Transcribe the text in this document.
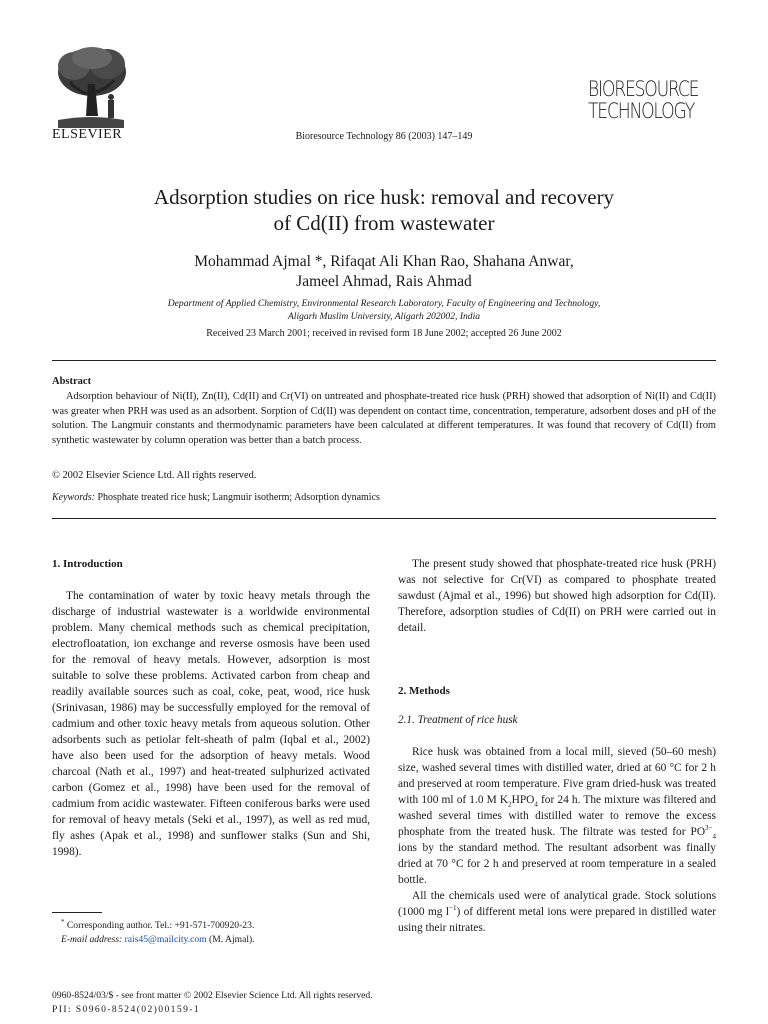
ELSEVIER	Bioresource Technology 86 (2003) 147–149
BIORESOURCE
TECHNOLOGY
Adsorption studies on rice husk: removal and recovery
of Cd(II) from wastewater
Mohammad Ajmal *, Rifaqat Ali Khan Rao, Shahana Anwar,
Jameel Ahmad, Rais Ahmad
Department of Applied Chemistry, Environmental Research Laboratory, Faculty of Engineering and Technology,
Aligarh Muslim University, Aligarh 202002, India
Received 23 March 2001; received in revised form 18 June 2002; accepted 26 June 2002
Abstract

Adsorption behaviour of Ni(II), Zn(II), Cd(II) and Cr(VI) on untreated and phosphate-treated rice husk (PRH) showed that adsorption of Ni(II) and Cd(II) was greater when PRH was used as an adsorbent. Sorption of Cd(II) was dependent on contact time, concentration, temperature, adsorbent doses and pH of the solution. The Langmuir constants and thermodynamic parameters have been calculated at different temperatures. It was found that recovery of Cd(II) from synthetic wastewater by column operation was better than a batch process.

© 2002 Elsevier Science Ltd. All rights reserved.
Keywords: Phosphate treated rice husk; Langmuir isotherm; Adsorption dynamics
1. Introduction

The contamination of water by toxic heavy metals through the discharge of industrial wastewater is a worldwide environmental problem. Many chemical methods such as chemical precipitation, electrofloatation, ion exchange and reverse osmosis have been used for the removal of heavy metals. However, adsorption is most suitable to solve these problems. Activated carbon from cheap and readily available sources such as coal, coke, peat, wood, rice husk (Srinivasan, 1986) may be successfully employed for the removal of cadmium and other toxic heavy metals from aqueous solution. Other adsorbents such as petiolar felt-sheath of palm (Iqbal et al., 2002) have also been used for the adsorption of heavy metals. Wood charcoal (Nath et al., 1997) and heat-treated sulphurized activated carbon (Gomez et al., 1998) have been used for the removal of cadmium from acidic wastewater. Fifteen coniferous barks were used for removal of heavy metals (Seki et al., 1997), as well as red mud, fly ashes (Apak et al., 1998) and sunflower stalks (Sun and Shi, 1998).

* Corresponding author. Tel.: +91-571-700920-23.
E-mail address: rais45@mailcity.com (M. Ajmal).

The present study showed that phosphate-treated rice husk (PRH) was not selective for Cr(VI) as compared to phosphate treated sawdust (Ajmal et al., 1996) but showed high adsorption for Cd(II). Therefore, adsorption studies of Cd(II) on PRH were carried out in detail.

2. Methods
2.1. Treatment of rice husk

Rice husk was obtained from a local mill, sieved (50–60 mesh) size, washed several times with distilled water, dried at 60 °C for 2 h and preserved at room temperature. Five gram dried-husk was treated with 100 ml of 1.0 M $K_2HPO_4$ for 24 h. The mixture was filtered and washed several times with distilled water to remove the excess phosphate from the treated husk. The filtrate was tested for $PO^{3-}_4$ ions by the standard method. The resultant adsorbent was finally dried at 70 °C for 2 h and preserved at room temperature in a sealed bottle.

All the chemicals used were of analytical grade. Stock solutions (1000 mg $l^{-1}$) of different metal ions were prepared in distilled water using their nitrates.

0960-8524/03/$ - see front matter © 2002 Elsevier Science Ltd. All rights reserved.
PII: S0960-8524(02)00159-1
